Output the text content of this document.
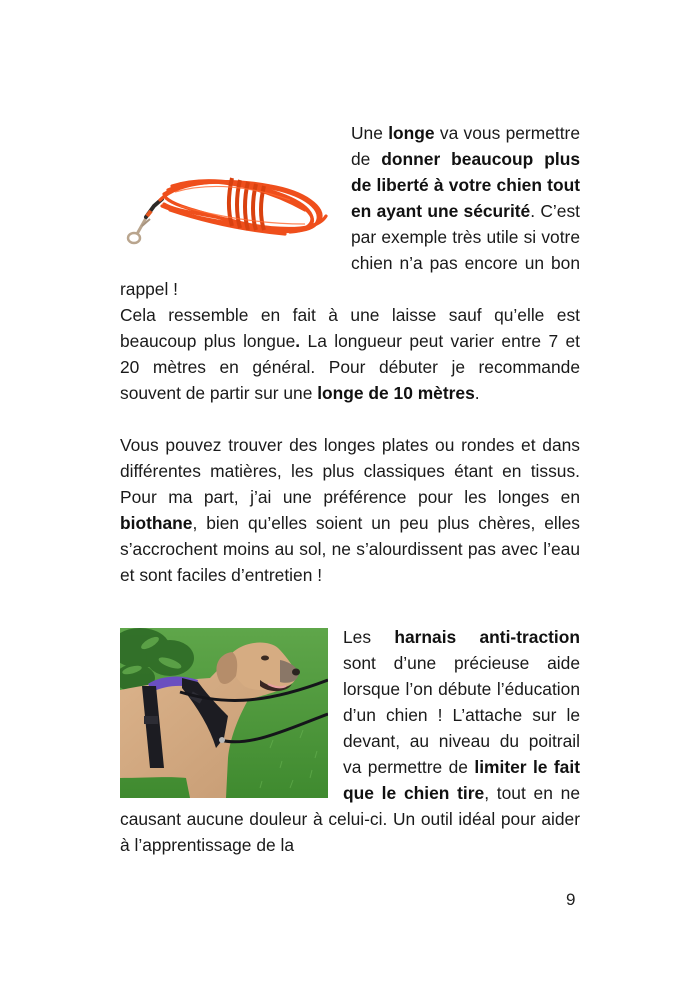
Une longe va vous permettre de donner beaucoup plus de liberté à votre chien tout en ayant une sécurité. C’est par exemple très utile si votre chien n’a pas encore un bon rappel !

Cela ressemble en fait à une laisse sauf qu’elle est beaucoup plus longue. La longueur peut varier entre 7 et 20 mètres en général. Pour débuter je recommande souvent de partir sur une longe de 10 mètres.

Vous pouvez trouver des longes plates ou rondes et dans différentes matières, les plus classiques étant en tissus. Pour ma part, j’ai une préférence pour les longes en biothane, bien qu’elles soient un peu plus chères, elles s’accrochent moins au sol, ne s’alourdissent pas avec l’eau et sont faciles d’entretien !

Les harnais anti-traction sont d’une précieuse aide lorsque l’on débute l’éducation d’un chien ! L’attache sur le devant, au niveau du poitrail va permettre de limiter le fait que le chien tire, tout en ne causant aucune douleur à celui-ci. Un outil idéal pour aider à l’apprentissage de la

9
